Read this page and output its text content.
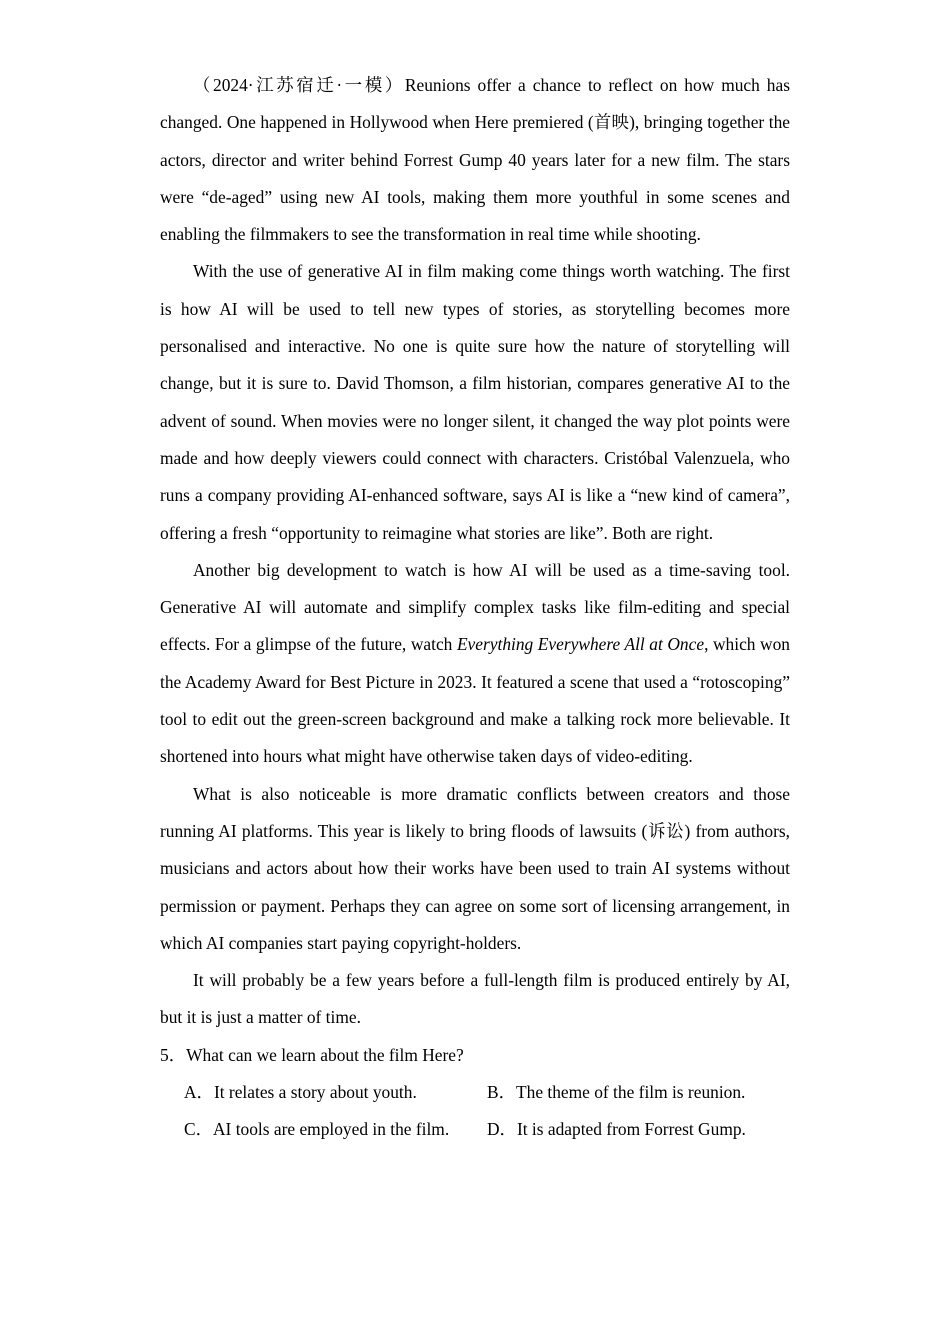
（2024·江苏宿迁·一模）Reunions offer a chance to reflect on how much has changed. One happened in Hollywood when Here premiered (首映), bringing together the actors, director and writer behind Forrest Gump 40 years later for a new film. The stars were “de-aged” using new AI tools, making them more youthful in some scenes and enabling the filmmakers to see the transformation in real time while shooting.

With the use of generative AI in film making come things worth watching. The first is how AI will be used to tell new types of stories, as storytelling becomes more personalised and interactive. No one is quite sure how the nature of storytelling will change, but it is sure to. David Thomson, a film historian, compares generative AI to the advent of sound. When movies were no longer silent, it changed the way plot points were made and how deeply viewers could connect with characters. Cristóbal Valenzuela, who runs a company providing AI-enhanced software, says AI is like a “new kind of camera”, offering a fresh “opportunity to reimagine what stories are like”. Both are right.

Another big development to watch is how AI will be used as a time-saving tool. Generative AI will automate and simplify complex tasks like film-editing and special effects. For a glimpse of the future, watch Everything Everywhere All at Once, which won the Academy Award for Best Picture in 2023. It featured a scene that used a “rotoscoping” tool to edit out the green-screen background and make a talking rock more believable. It shortened into hours what might have otherwise taken days of video-editing.

What is also noticeable is more dramatic conflicts between creators and those running AI platforms. This year is likely to bring floods of lawsuits (诉讼) from authors, musicians and actors about how their works have been used to train AI systems without permission or payment. Perhaps they can agree on some sort of licensing arrangement, in which AI companies start paying copyright-holders.

It will probably be a few years before a full-length film is produced entirely by AI, but it is just a matter of time.

5．What can we learn about the film Here?

A．It relates a story about youth.	B．The theme of the film is reunion.
C．AI tools are employed in the film.	D．It is adapted from Forrest Gump.
